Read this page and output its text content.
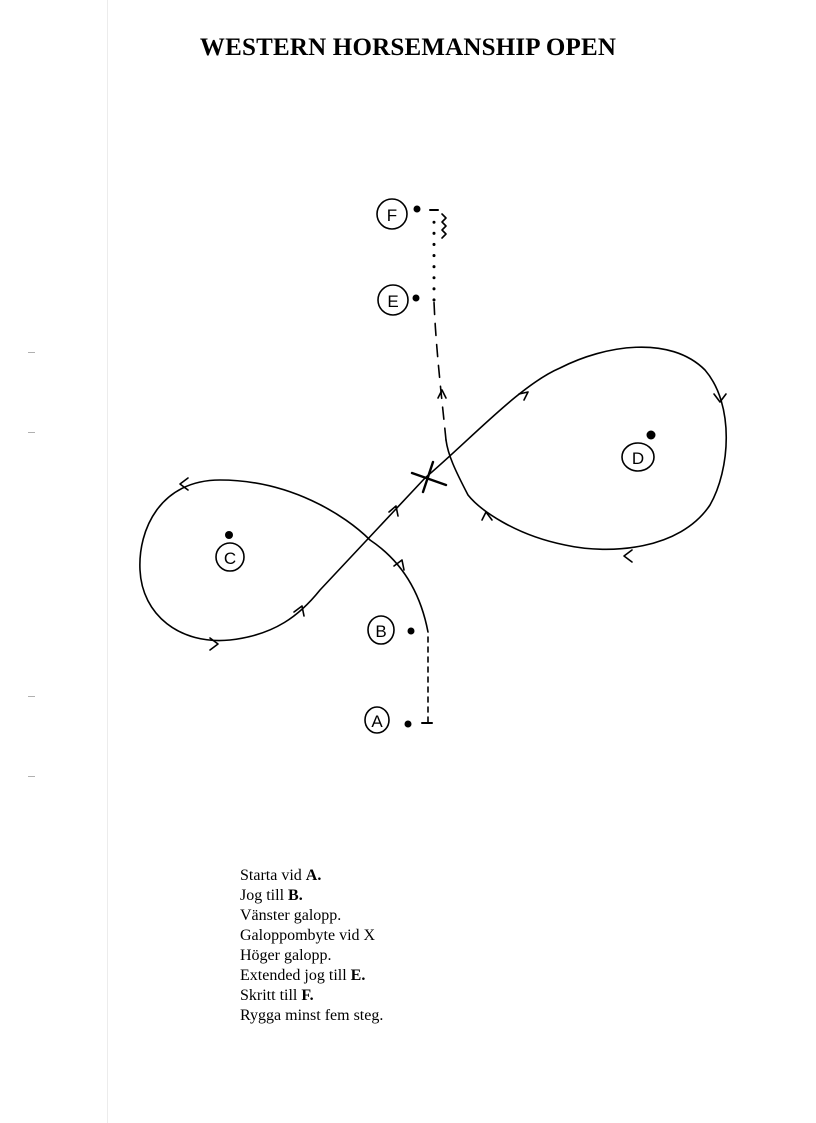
WESTERN HORSEMANSHIP OPEN
A
B
C
D
E
F
Starta vid A.
Jog till B.
Vänster galopp.
Galoppombyte vid X
Höger galopp.
Extended jog till E.
Skritt till F.
Rygga minst fem steg.
